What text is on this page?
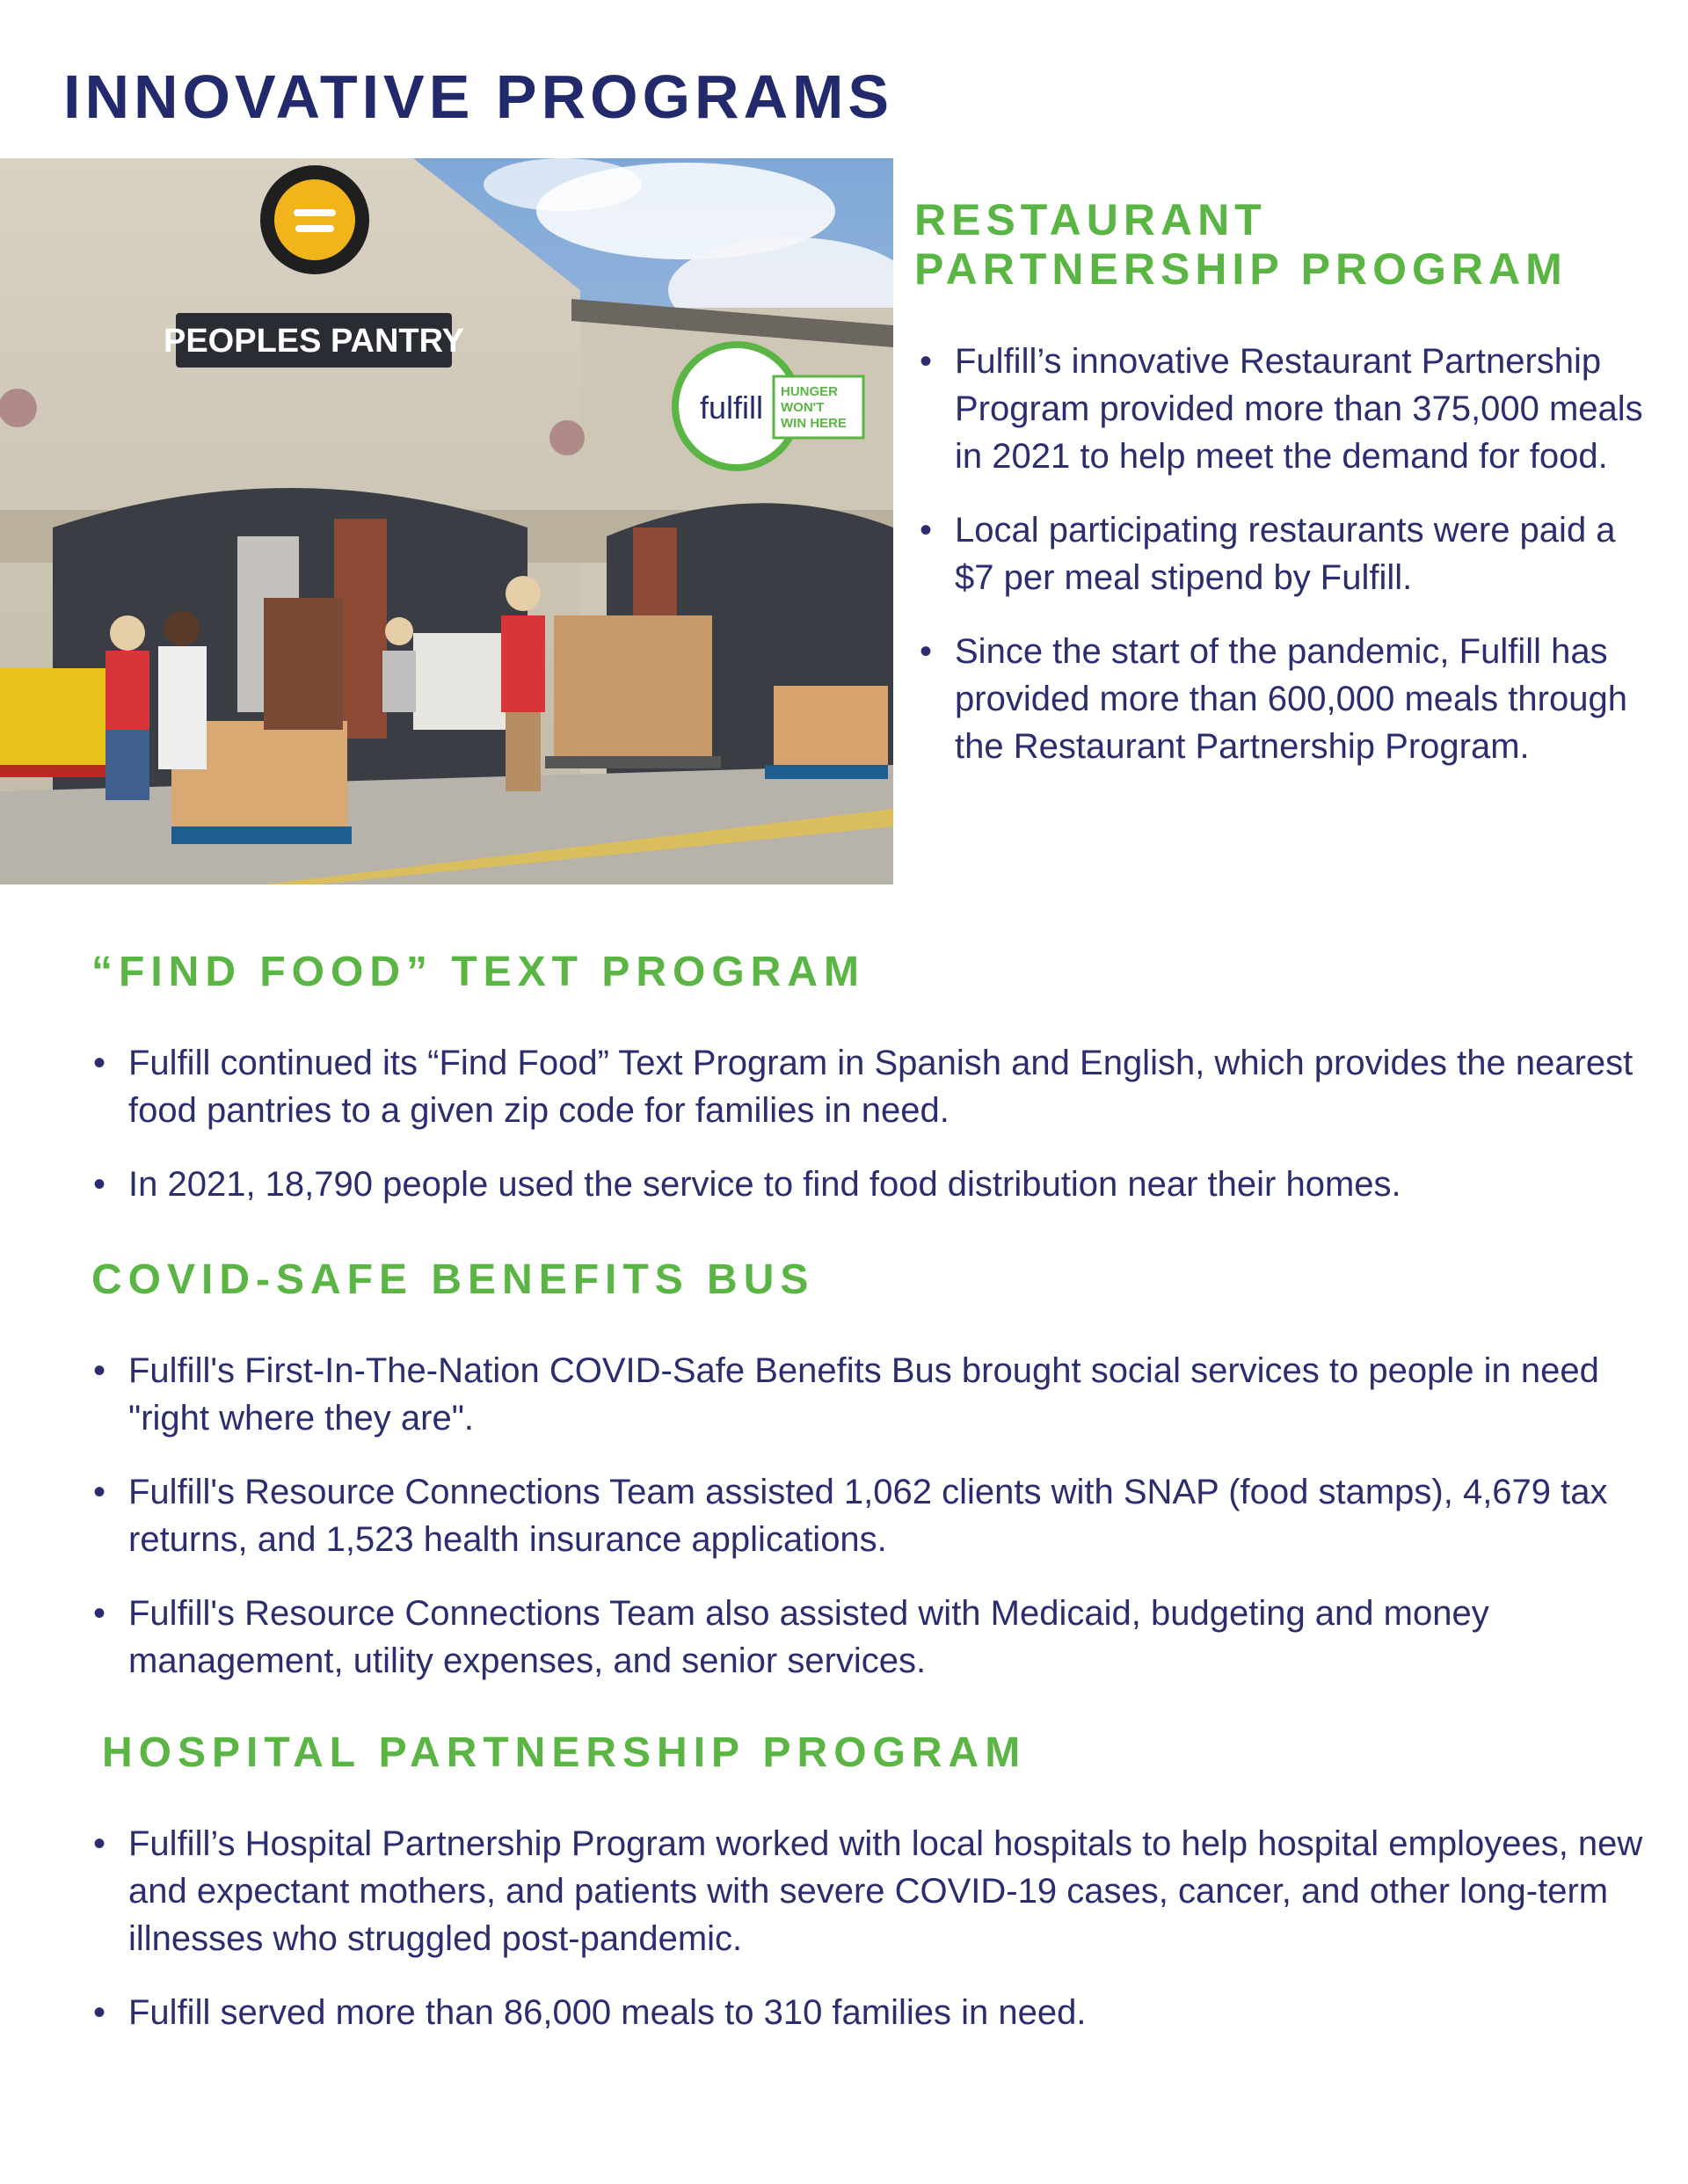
INNOVATIVE PROGRAMS
PEOPLES PANTRY
fulfill HUNGER
WON'T
WIN HERE
RESTAURANT
PARTNERSHIP PROGRAM
• Fulfill’s innovative Restaurant Partnership Program provided more than 375,000 meals in 2021 to help meet the demand for food.
• Local participating restaurants were paid a $7 per meal stipend by Fulfill.
• Since the start of the pandemic, Fulfill has provided more than 600,000 meals through the Restaurant Partnership Program.
“FIND FOOD” TEXT PROGRAM
• Fulfill continued its “Find Food” Text Program in Spanish and English, which provides the nearest food pantries to a given zip code for families in need.
• In 2021, 18,790 people used the service to find food distribution near their homes.
COVID-SAFE BENEFITS BUS
• Fulfill's First-In-The-Nation COVID-Safe Benefits Bus brought social services to people in need "right where they are".
• Fulfill's Resource Connections Team assisted 1,062 clients with SNAP (food stamps), 4,679 tax returns, and 1,523 health insurance applications.
• Fulfill's Resource Connections Team also assisted with Medicaid, budgeting and money management, utility expenses, and senior services.
HOSPITAL PARTNERSHIP PROGRAM
• Fulfill’s Hospital Partnership Program worked with local hospitals to help hospital employees, new and expectant mothers, and patients with severe COVID-19 cases, cancer, and other long-term illnesses who struggled post-pandemic.
• Fulfill served more than 86,000 meals to 310 families in need.
